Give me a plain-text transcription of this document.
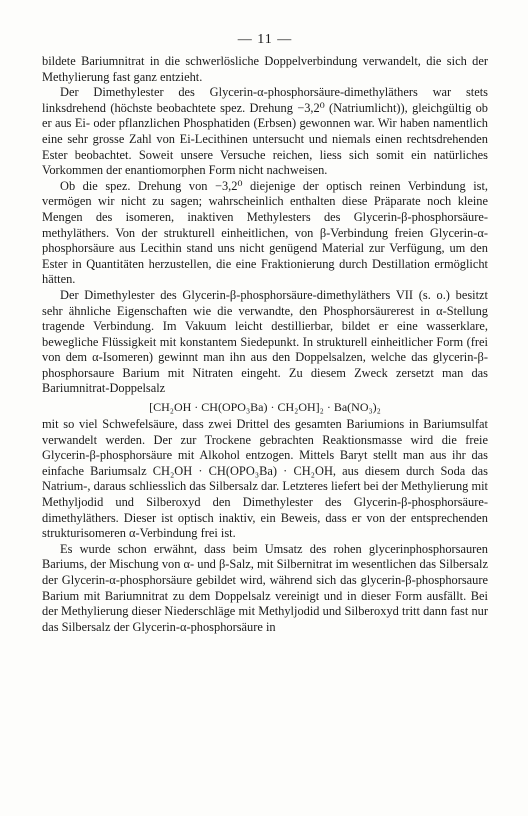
— 11 —

bildete Bariumnitrat in die schwerlösliche Doppelverbindung verwandelt, die sich der Methylierung fast ganz entzieht.

Der Dimethylester des Glycerin-α-phosphorsäure-dimethyläthers war stets linksdrehend (höchste beobachtete spez. Drehung −3,2⁰ (Natriumlicht)), gleichgültig ob er aus Ei- oder pflanzlichen Phosphatiden (Erbsen) gewonnen war. Wir haben namentlich eine sehr grosse Zahl von Ei-Lecithinen untersucht und niemals einen rechtsdrehenden Ester beobachtet. Soweit unsere Versuche reichen, liess sich somit ein natürliches Vorkommen der enantiomorphen Form nicht nachweisen.

Ob die spez. Drehung von −3,2⁰ diejenige der optisch reinen Verbindung ist, vermögen wir nicht zu sagen; wahrscheinlich enthalten diese Präparate noch kleine Mengen des isomeren, inaktiven Methylesters des Glycerin-β-phosphorsäure-methyläthers. Von der strukturell einheitlichen, von β-Verbindung freien Glycerin-α-phosphorsäure aus Lecithin stand uns nicht genügend Material zur Verfügung, um den Ester in Quantitäten herzustellen, die eine Fraktionierung durch Destillation ermöglicht hätten.

Der Dimethylester des Glycerin-β-phosphorsäure-dimethyläthers VII (s. o.) besitzt sehr ähnliche Eigenschaften wie die verwandte, den Phosphorsäurerest in α-Stellung tragende Verbindung. Im Vakuum leicht destillierbar, bildet er eine wasserklare, bewegliche Flüssigkeit mit konstantem Siedepunkt. In strukturell einheitlicher Form (frei von dem α-Isomeren) gewinnt man ihn aus den Doppelsalzen, welche das glycerin-β-phosphorsaure Barium mit Nitraten eingeht. Zu diesem Zweck zersetzt man das Bariumnitrat-Doppelsalz

[CH₂OH · CH(OPO₃Ba) · CH₂OH]₂ · Ba(NO₃)₂

mit so viel Schwefelsäure, dass zwei Drittel des gesamten Bariumions in Bariumsulfat verwandelt werden. Der zur Trockene gebrachten Reaktionsmasse wird die freie Glycerin-β-phosphorsäure mit Alkohol entzogen. Mittels Baryt stellt man aus ihr das einfache Bariumsalz CH₂OH · CH(OPO₃Ba) · CH₂OH, aus diesem durch Soda das Natrium-, daraus schliesslich das Silbersalz dar. Letzteres liefert bei der Methylierung mit Methyljodid und Silberoxyd den Dimethylester des Glycerin-β-phosphorsäure-dimethyläthers. Dieser ist optisch inaktiv, ein Beweis, dass er von der entsprechenden strukturisomeren α-Verbindung frei ist.

Es wurde schon erwähnt, dass beim Umsatz des rohen glycerinphosphorsauren Bariums, der Mischung von α- und β-Salz, mit Silbernitrat im wesentlichen das Silbersalz der Glycerin-α-phosphorsäure gebildet wird, während sich das glycerin-β-phosphorsaure Barium mit Bariumnitrat zu dem Doppelsalz vereinigt und in dieser Form ausfällt. Bei der Methylierung dieser Niederschläge mit Methyljodid und Silberoxyd tritt dann fast nur das Silbersalz der Glycerin-α-phosphorsäure in
